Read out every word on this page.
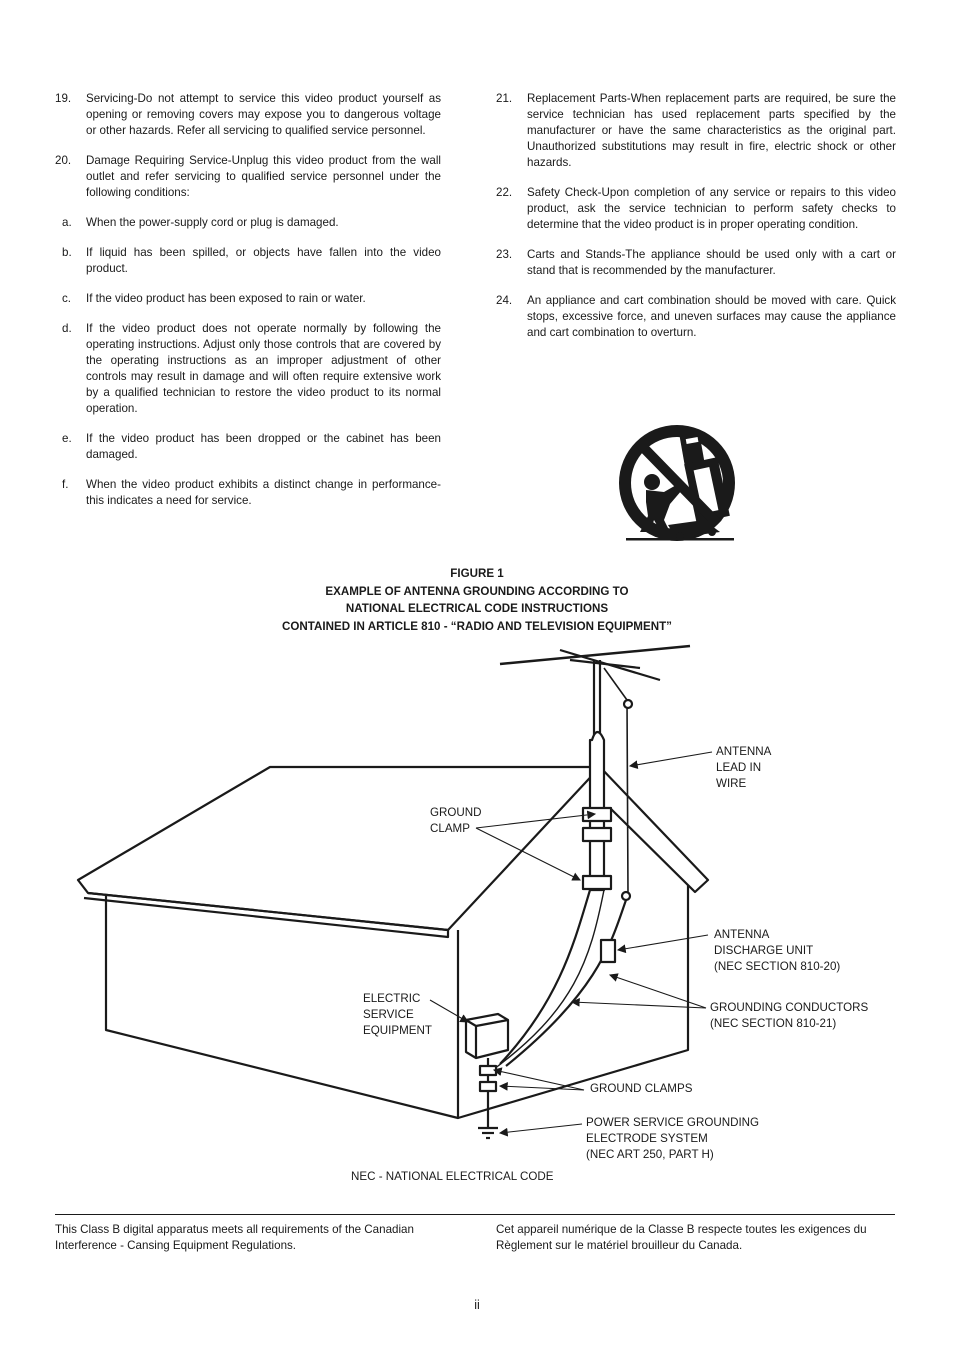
19. Servicing-Do not attempt to service this video product yourself as opening or removing covers may expose you to dangerous voltage or other hazards. Refer all servicing to qualified service personnel.
20. Damage Requiring Service-Unplug this video product from the wall outlet and refer servicing to qualified service personnel under the following conditions:
a. When the power-supply cord or plug is damaged.
b. If liquid has been spilled, or objects have fallen into the video product.
c. If the video product has been exposed to rain or water.
d. If the video product does not operate normally by following the operating instructions. Adjust only those controls that are covered by the operating instructions as an improper adjustment of other controls may result in damage and will often require extensive work by a qualified technician to restore the video product to its normal operation.
e. If the video product has been dropped or the cabinet has been damaged.
f. When the video product exhibits a distinct change in performance-this indicates a need for service.
21. Replacement Parts-When replacement parts are required, be sure the service technician has used replacement parts specified by the manufacturer or have the same characteristics as the original part. Unauthorized substitutions may result in fire, electric shock or other hazards.
22. Safety Check-Upon completion of any service or repairs to this video product, ask the service technician to perform safety checks to determine that the video product is in proper operating condition.
23. Carts and Stands-The appliance should be used only with a cart or stand that is recommended by the manufacturer.
24. An appliance and cart combination should be moved with care. Quick stops, excessive force, and uneven surfaces may cause the appliance and cart combination to overturn.
FIGURE 1
EXAMPLE OF ANTENNA GROUNDING ACCORDING TO
NATIONAL ELECTRICAL CODE INSTRUCTIONS
CONTAINED IN ARTICLE 810 - “RADIO AND TELEVISION EQUIPMENT”
ANTENNA
LEAD IN
WIRE
GROUND
CLAMP
ANTENNA
DISCHARGE UNIT
(NEC SECTION 810-20)
ELECTRIC
SERVICE
EQUIPMENT
GROUNDING CONDUCTORS
(NEC SECTION 810-21)
GROUND CLAMPS
POWER SERVICE GROUNDING
ELECTRODE SYSTEM
(NEC ART 250, PART H)
NEC - NATIONAL ELECTRICAL CODE
This Class B digital apparatus meets all requirements of the Canadian Interference - Cansing Equipment Regulations.
Cet appareil numérique de la Classe B respecte toutes les exigences du Règlement sur le matériel brouilleur du Canada.
ii
